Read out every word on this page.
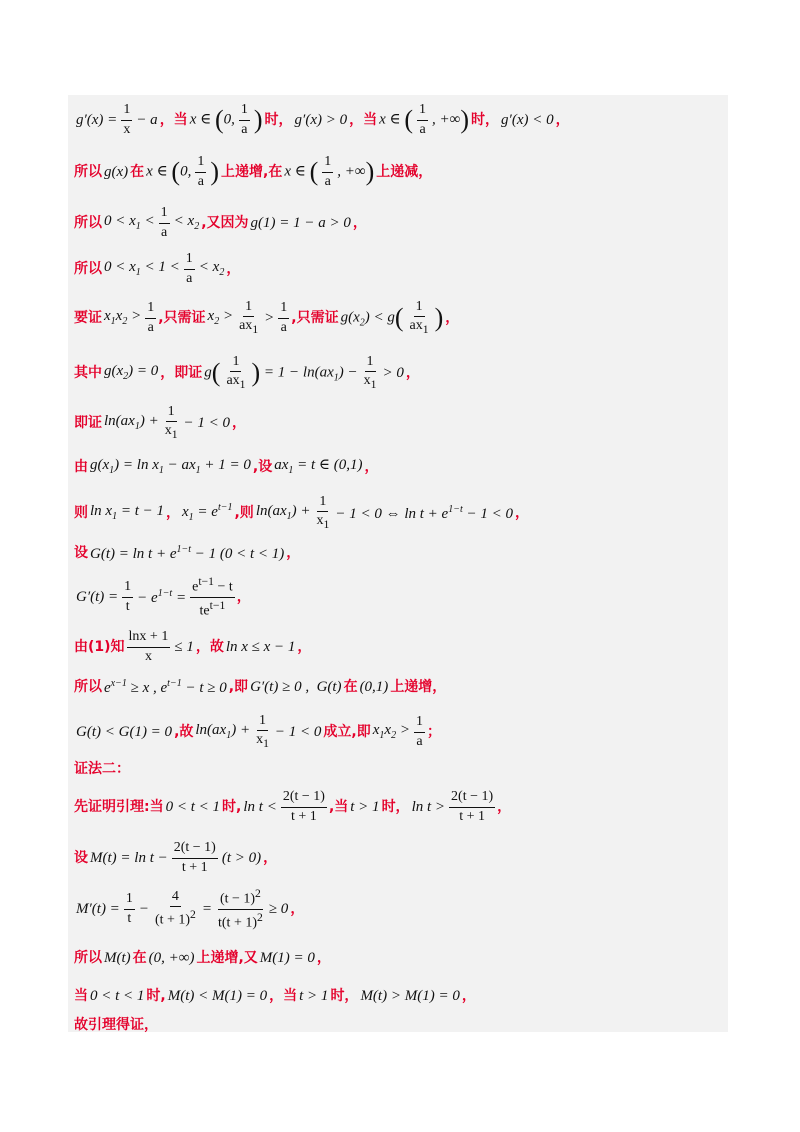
$g'(x) = \frac{1}{x} - a$ ，当 x ∈ (0, $\frac{1}{a}$ ) 时， g′(x) > 0 ，当 x ∈ ( $\frac{1}{a}$ , +∞) 时， g′(x) < 0 ，
所以 g(x) 在 x ∈ (0, $\frac{1}{a}$ ) 上递增,在 x ∈ ( $\frac{1}{a}$ , +∞) 上递减，
所以 $0 < x_1 < \frac{1}{a} < x_2$ ,又因为 g(1) = 1 − a > 0 ，
所以 $0 < x_1 < 1 < \frac{1}{a} < x_2$ ，
要证 $x_1x_2 > \frac{1}{a}$ ,只需证 $x_2 > \frac{1}{ax_1} > \frac{1}{a}$ ,只需证 $g(x_2) < g( \frac{1}{ax_1}$ ) ，
其中 $g(x_2) = 0$ ，即证 $g( \frac{1}{ax_1}$ ) = $1 - \ln(ax_1) - \frac{1}{x_1} > 0$ ，
即证 $\ln(ax_1) + \frac{1}{x_1} - 1 < 0$ ，
由 $g(x_1) = \ln x_1 - ax_1 + 1 = 0$ ,设 $ax_1 = t$ ∈ (0,1) ，
则 $\ln x_1 = t - 1$ ， $x_1 = e^{t-1}$ ,则 $\ln(ax_1) + \frac{1}{x_1} - 1 < 0$ ⇔ $\ln t + e^{1-t} - 1 < 0$ ，
设 $G(t) = \ln t + e^{1-t} - 1$ (0 < t < 1) ，
$G'(t) = \frac{1}{t} - e^{1-t} = \frac{e^{t-1} - t}{te^{t-1}}$ ，
由(1)知 $\frac{\ln x + 1}{x} \le 1$ ，故 ln x ≤ x − 1 ，
所以 $e^{x-1} \ge x$ , $e^{t-1} - t \ge 0$ ,即 G′(t) ≥ 0 ,  G(t) 在 (0,1) 上递增，
G(t) < G(1) = 0 ,故 $\ln(ax_1) + \frac{1}{x_1} - 1 < 0$ 成立,即 $x_1x_2 > \frac{1}{a}$ ；
证法二：
先证明引理:当 0 < t < 1 时, $\ln t < \frac{2(t - 1)}{t + 1}$ ,当 t > 1 时， $\ln t > \frac{2(t - 1)}{t + 1}$ ，
设 $M(t) = \ln t - \frac{2(t - 1)}{t + 1} (t > 0)$ ，
$M'(t) = \frac{1}{t} - \frac{4}{(t + 1)^2} = \frac{(t - 1)^2}{t(t + 1)^2} \ge 0$ ，
所以 M(t) 在 (0, +∞) 上递增,又 M(1) = 0 ，
当 0 < t < 1 时, M(t) < M(1) = 0 ，当 t > 1 时， M(t) > M(1) = 0 ，
故引理得证，
